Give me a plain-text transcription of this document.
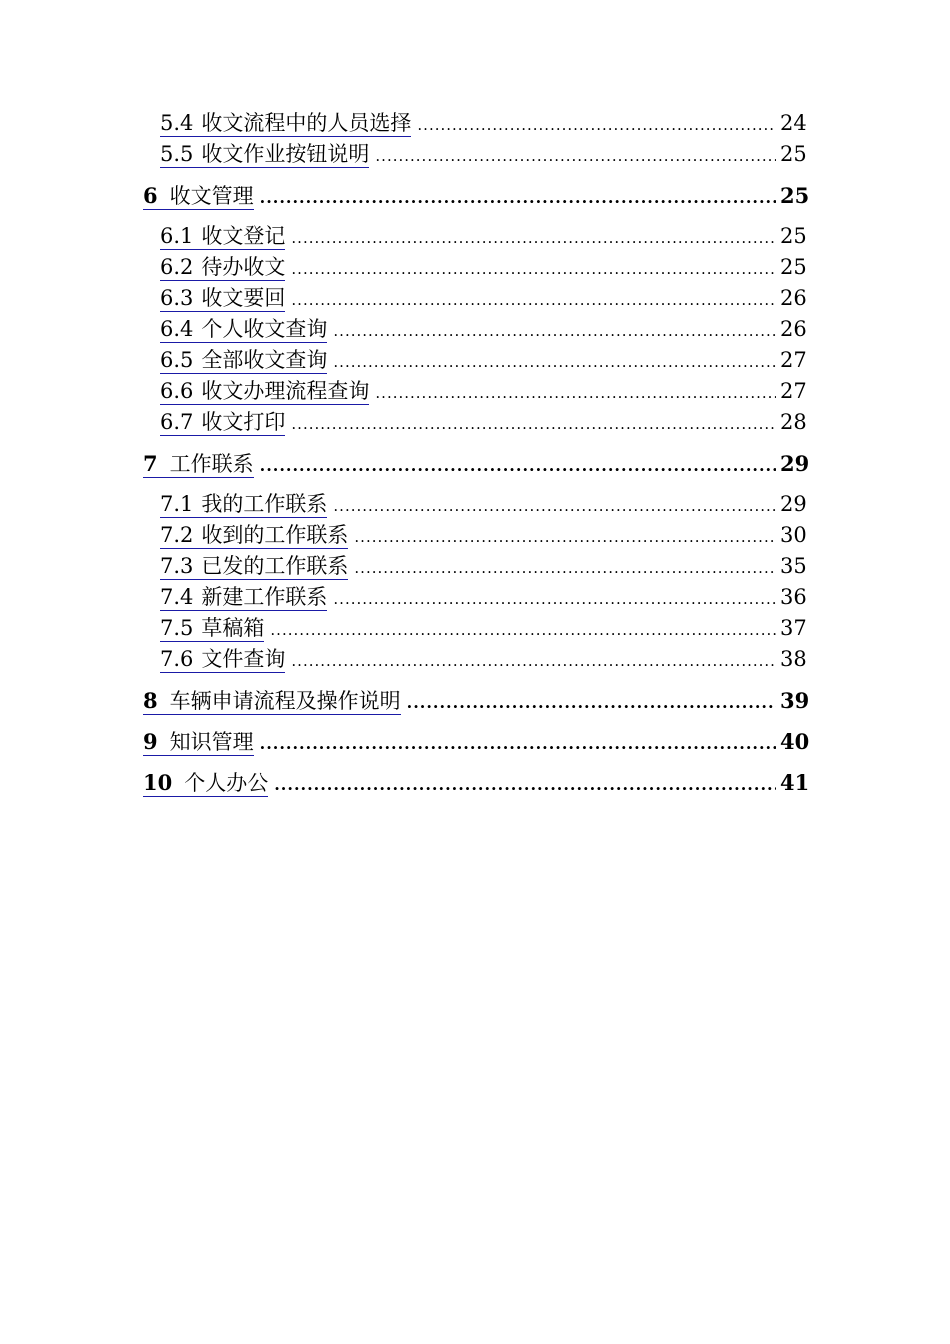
5.4 收文流程中的人员选择 .....	24
5.5 收文作业按钮说明 .....	25
6 收文管理 .....	25
6.1 收文登记 .....	25
6.2 待办收文 .....	25
6.3 收文要回 .....	26
6.4 个人收文查询 .....	26
6.5 全部收文查询 .....	27
6.6 收文办理流程查询 .....	27
6.7 收文打印 .....	28
7 工作联系 .....	29
7.1 我的工作联系 .....	29
7.2 收到的工作联系 .....	30
7.3 已发的工作联系 .....	35
7.4 新建工作联系 .....	36
7.5 草稿箱 .....	37
7.6 文件查询 .....	38
8 车辆申请流程及操作说明 .....	39
9 知识管理 .....	40
10 个人办公 .....	41
